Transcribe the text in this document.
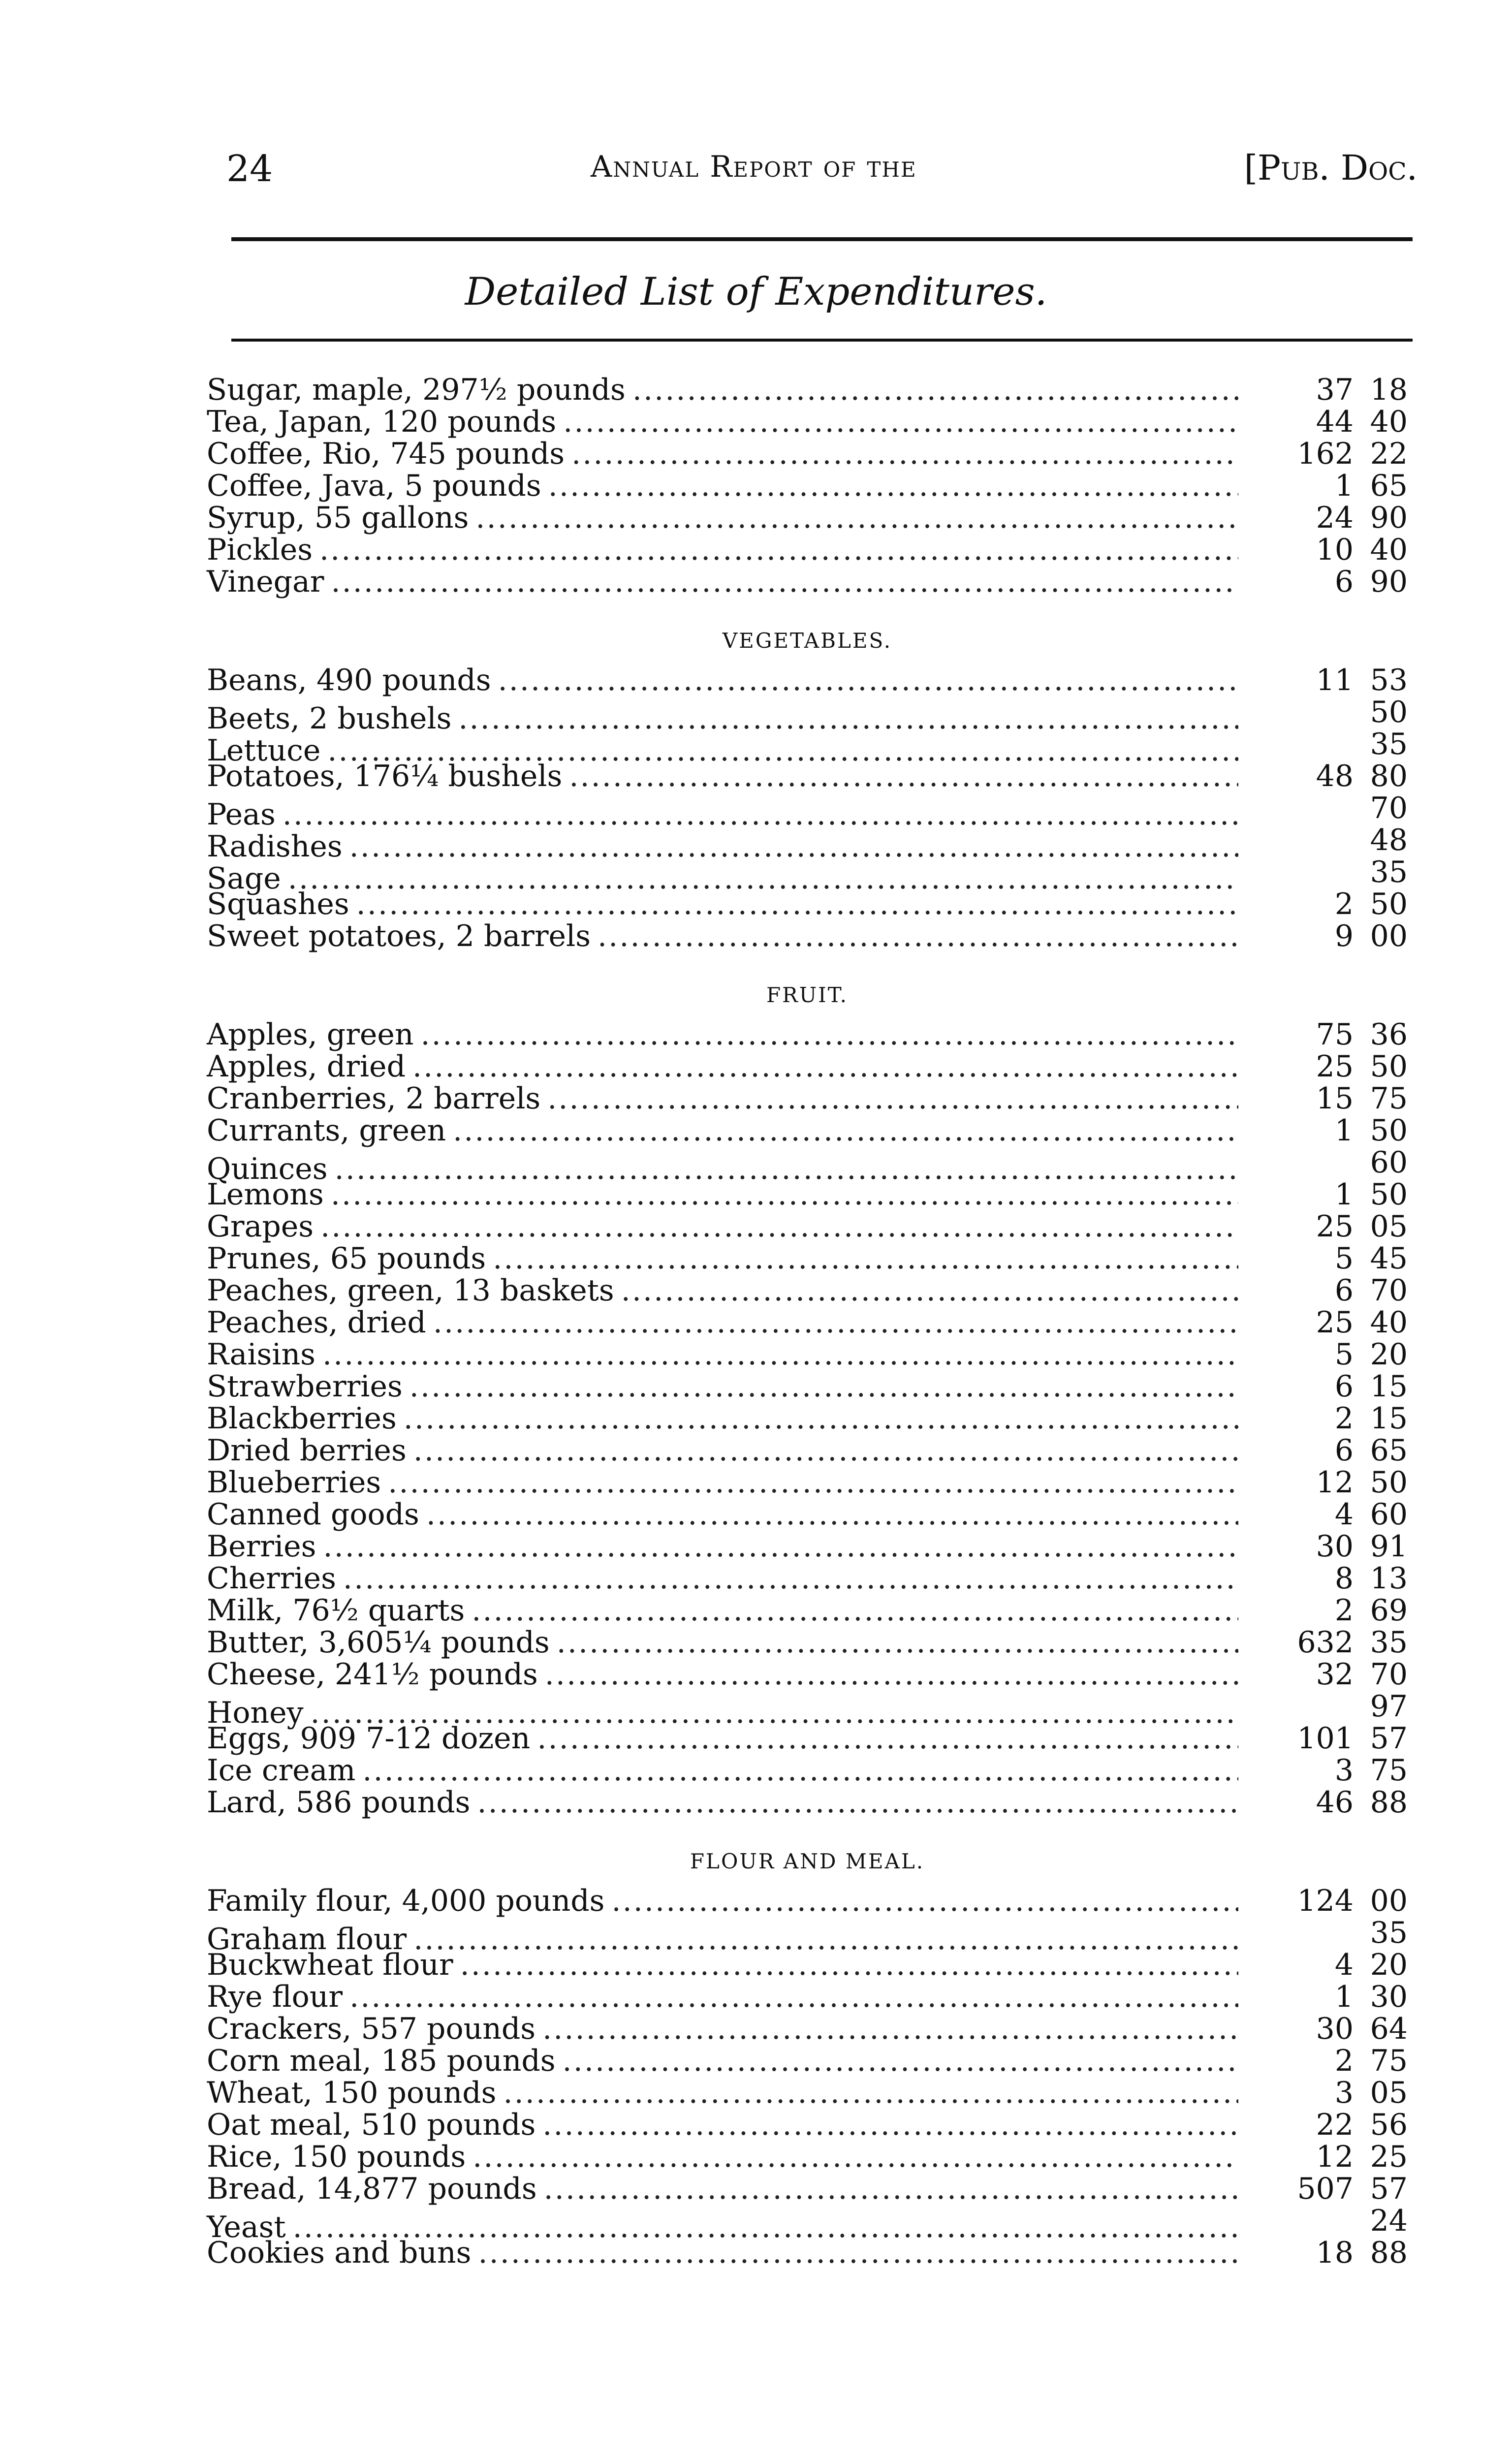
24	Annual Report of the	[Pub. Doc.
Detailed List of Expenditures.
Sugar, maple, 297½ pounds . . .	37 18
Tea, Japan, 120 pounds . . .	44 40
Coffee, Rio, 745 pounds . . .	162 22
Coffee, Java, 5 pounds . . .	1 65
Syrup, 55 gallons . . .	24 90
Pickles . . .	10 40
Vinegar . . .	6 90
VEGETABLES.
Beans, 490 pounds . . .	11 53
Beets, 2 bushels . . .	50
Lettuce . . .	35
Potatoes, 176¼ bushels . . .	48 80
Peas . . .	70
Radishes . . .	48
Sage . . .	35
Squashes . . .	2 50
Sweet potatoes, 2 barrels . . .	9 00
FRUIT.
Apples, green . . .	75 36
Apples, dried . . .	25 50
Cranberries, 2 barrels . . .	15 75
Currants, green . . .	1 50
Quinces . . .	60
Lemons . . .	1 50
Grapes . . .	25 05
Prunes, 65 pounds . . .	5 45
Peaches, green, 13 baskets . . .	6 70
Peaches, dried . . .	25 40
Raisins . . .	5 20
Strawberries . . .	6 15
Blackberries . . .	2 15
Dried berries . . .	6 65
Blueberries . . .	12 50
Canned goods . . .	4 60
Berries . . .	30 91
Cherries . . .	8 13
Milk, 76½ quarts . . .	2 69
Butter, 3,605¼ pounds . . .	632 35
Cheese, 241½ pounds . . .	32 70
Honey . . .	97
Eggs, 909 7-12 dozen . . .	101 57
Ice cream . . .	3 75
Lard, 586 pounds . . .	46 88
FLOUR AND MEAL.
Family flour, 4,000 pounds . . .	124 00
Graham flour . . .	35
Buckwheat flour . . .	4 20
Rye flour . . .	1 30
Crackers, 557 pounds . . .	30 64
Corn meal, 185 pounds . . .	2 75
Wheat, 150 pounds . . .	3 05
Oat meal, 510 pounds . . .	22 56
Rice, 150 pounds . . .	12 25
Bread, 14,877 pounds . . .	507 57
Yeast . . .	24
Cookies and buns . . .	18 88
